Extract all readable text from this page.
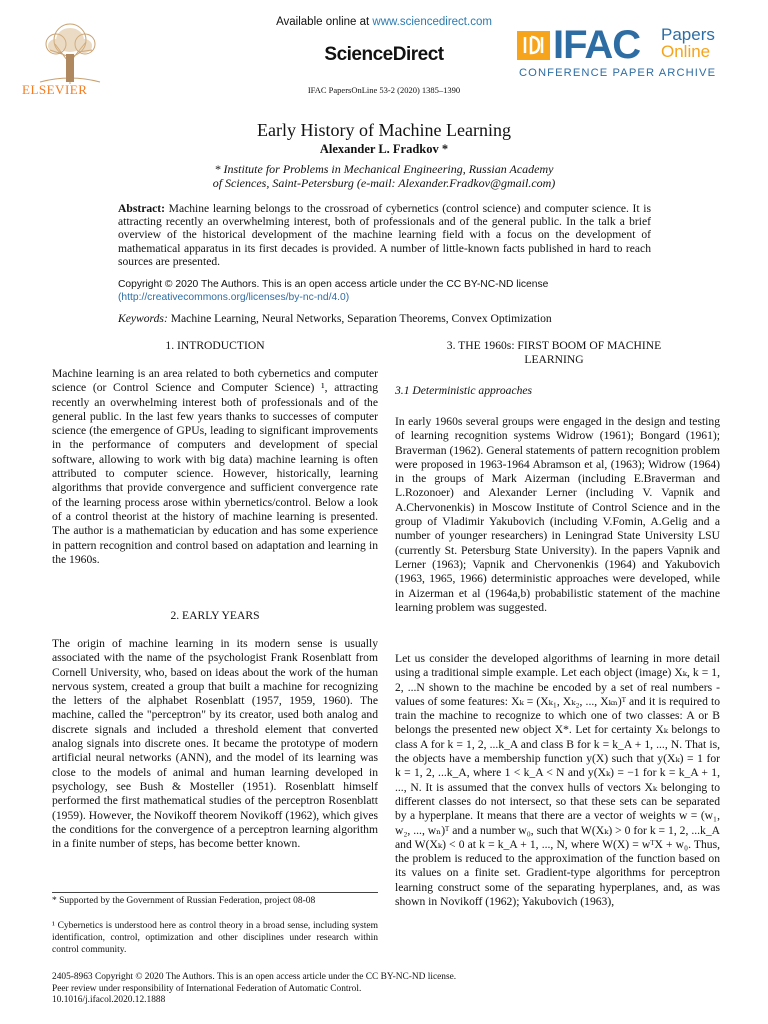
Available online at www.sciencedirect.com
ScienceDirect
IFAC PapersOnLine 53-2 (2020) 1385–1390
ELSEVIER
IFAC Papers
Online
CONFERENCE PAPER ARCHIVE
Early History of Machine Learning
Alexander L. Fradkov *
* Institute for Problems in Mechanical Engineering, Russian Academy
of Sciences, Saint-Petersburg (e-mail: Alexander.Fradkov@gmail.com)
Abstract: Machine learning belongs to the crossroad of cybernetics (control science) and computer science. It is attracting recently an overwhelming interest, both of professionals and of the general public. In the talk a brief overview of the historical development of the machine learning field with a focus on the development of mathematical apparatus in its first decades is provided. A number of little-known facts published in hard to reach sources are presented.
Copyright © 2020 The Authors. This is an open access article under the CC BY-NC-ND license
(http://creativecommons.org/licenses/by-nc-nd/4.0)
Keywords: Machine Learning, Neural Networks, Separation Theorems, Convex Optimization
1. INTRODUCTION
Machine learning is an area related to both cybernetics and computer science (or Control Science and Computer Science) ¹, attracting recently an overwhelming interest both of professionals and of the general public. In the last few years thanks to successes of computer science (the emergence of GPUs, leading to significant improvements in the performance of computers and development of special software, allowing to work with big data) machine learning is often attributed to computer science. However, historically, learning algorithms that provide convergence and sufficient convergence rate of the learning process arose within ybernetics/control. Below a look of a control theorist at the history of machine learning is presented. The author is a mathematician by education and has some experience in pattern recognition and control based on adaptation and learning in the 1960s.
2. EARLY YEARS
The origin of machine learning in its modern sense is usually associated with the name of the psychologist Frank Rosenblatt from Cornell University, who, based on ideas about the work of the human nervous system, created a group that built a machine for recognizing the letters of the alphabet Rosenblatt (1957, 1959, 1960). The machine, called the "perceptron" by its creator, used both analog and discrete signals and included a threshold element that converted analog signals into discrete ones. It became the prototype of modern artificial neural networks (ANN), and the model of its learning was close to the models of animal and human learning developed in psychology, see Bush & Mosteller (1951). Rosenblatt himself performed the first mathematical studies of the perceptron Rosenblatt (1959). However, the Novikoff theorem Novikoff (1962), which gives the conditions for the convergence of a perceptron learning algorithm in a finite number of steps, has become better known.
* Supported by the Government of Russian Federation, project 08-08
¹ Cybernetics is understood here as control theory in a broad sense, including system identification, control, optimization and other disciplines under research within control community.
3. THE 1960s: FIRST BOOM OF MACHINE
LEARNING
3.1 Deterministic approaches
In early 1960s several groups were engaged in the design and testing of learning recognition systems Widrow (1961); Bongard (1961); Braverman (1962). General statements of pattern recognition problem were proposed in 1963-1964 Abramson et al, (1963); Widrow (1964) in the groups of Mark Aizerman (including E.Braverman and L.Rozonoer) and Alexander Lerner (including V. Vapnik and A.Chervonenkis) in Moscow Institute of Control Science and in the group of Vladimir Yakubovich (including V.Fomin, A.Gelig and a number of younger researchers) in Leningrad State University LSU (currently St. Petersburg State University). In the papers Vapnik and Lerner (1963); Vapnik and Chervonenkis (1964) and Yakubovich (1963, 1965, 1966) deterministic approaches were developed, while in Aizerman et al (1964a,b) probabilistic statement of the machine learning problem was suggested.
Let us consider the developed algorithms of learning in more detail using a traditional simple example. Let each object (image) Xₖ, k = 1, 2, ...N shown to the machine be encoded by a set of real numbers - values of some features: Xₖ = (Xₖ₁, Xₖ₂, ..., Xₖₙ)ᵀ and it is required to train the machine to recognize to which one of two classes: A or B belongs the presented new object X*. Let for certainty Xₖ belongs to class A for k = 1, 2, ...k_A and class B for k = k_A + 1, ..., N. That is, the objects have a membership function y(X) such that y(Xₖ) = 1 for k = 1, 2, ...k_A, where 1 < k_A < N and y(Xₖ) = −1 for k = k_A + 1, ..., N. It is assumed that the convex hulls of vectors Xₖ belonging to different classes do not intersect, so that these sets can be separated by a hyperplane. It means that there are a vector of weights w = (w₁, w₂, ..., wₙ)ᵀ and a number w₀, such that W(Xₖ) > 0 for k = 1, 2, ...k_A and W(Xₖ) < 0 at k = k_A + 1, ..., N, where W(X) = wᵀX + w₀. Thus, the problem is reduced to the approximation of the function based on its values on a finite set. Gradient-type algorithms for perceptron learning construct some of the separating hyperplanes, and, as was shown in Novikoff (1962); Yakubovich (1963),
2405-8963 Copyright © 2020 The Authors. This is an open access article under the CC BY-NC-ND license.
Peer review under responsibility of International Federation of Automatic Control.
10.1016/j.ifacol.2020.12.1888
